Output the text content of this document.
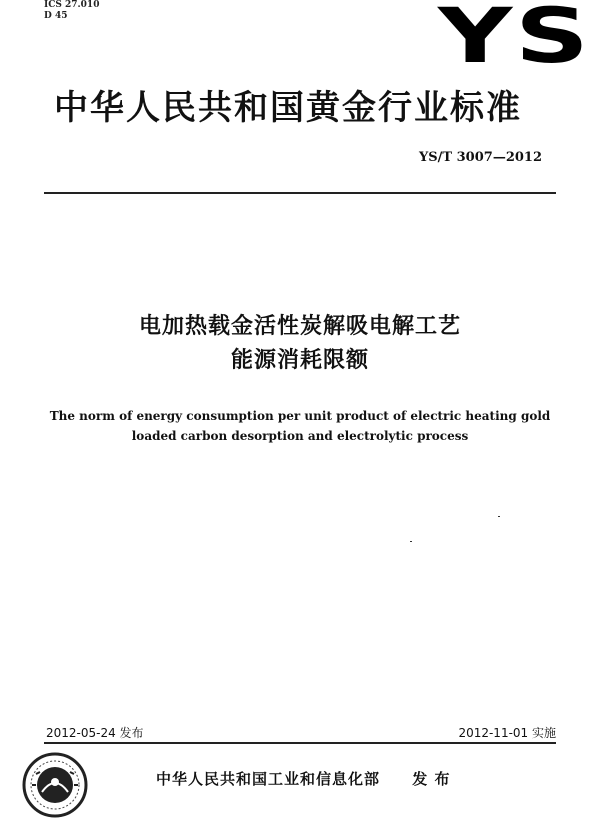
ICS 27.010
D 45	YS
中华人民共和国黄金行业标准
YS/T 3007—2012
电加热载金活性炭解吸电解工艺
能源消耗限额
The norm of energy consumption per unit product of electric heating gold
loaded carbon desorption and electrolytic process
2012-05-24 发布	2012-11-01 实施
中华人民共和国工业和信息化部 发 布
